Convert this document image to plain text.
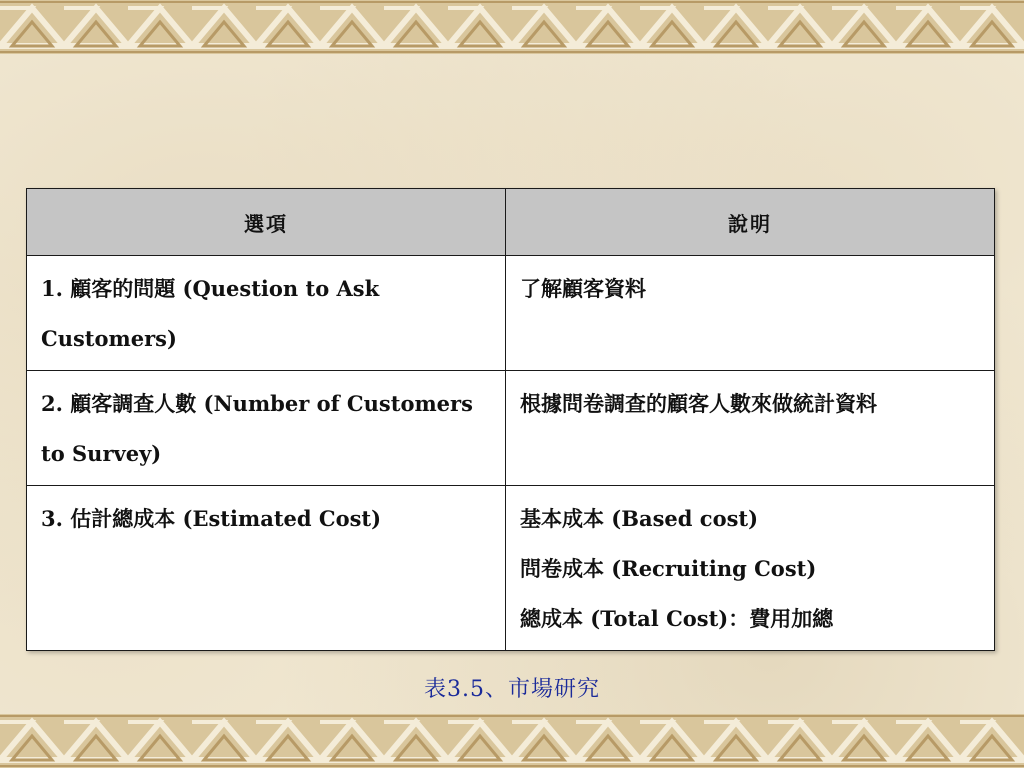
選項	說明

1. 顧客的問題 (Question to Ask Customers)	了解顧客資料

2. 顧客調查人數 (Number of Customers to Survey)	根據問卷調查的顧客人數來做統計資料

3. 估計總成本 (Estimated Cost)	基本成本 (Based cost)
問卷成本 (Recruiting Cost)
總成本 (Total Cost)：費用加總
表3.5、市場研究
